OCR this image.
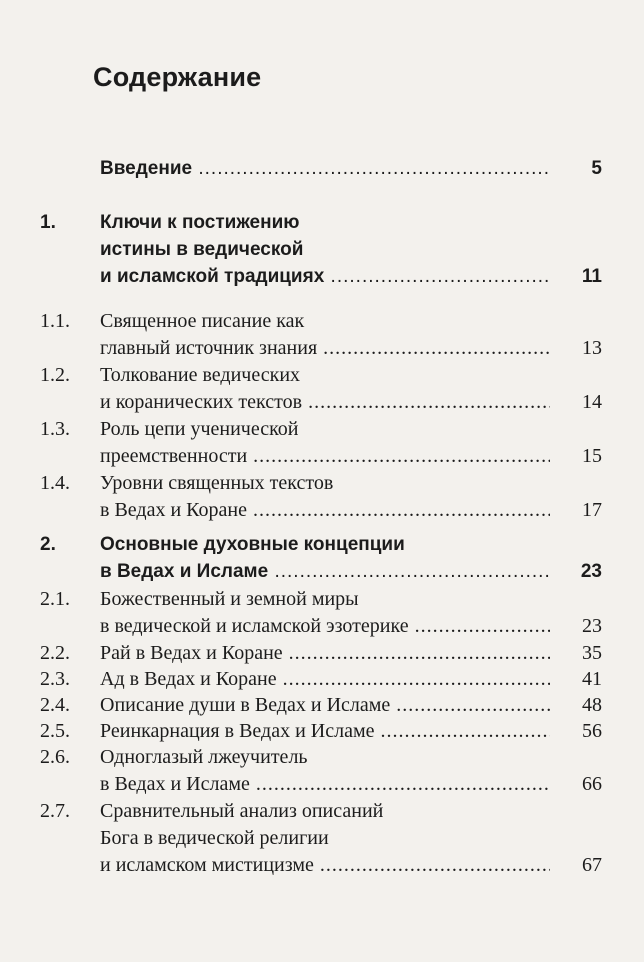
Содержание
Введение .....	5
1. Ключи к постижению
истины в ведической
и исламской традициях .....	11
1.1. Священное писание как
главный источник знания .....	13
1.2. Толкование ведических
и коранических текстов .....	14
1.3. Роль цепи ученической
преемственности .....	15
1.4. Уровни священных текстов
в Ведах и Коране .....	17
2. Основные духовные концепции
в Ведах и Исламе .....	23
2.1. Божественный и земной миры
в ведической и исламской эзотерике .....	23
2.2. Рай в Ведах и Коране .....	35
2.3. Ад в Ведах и Коране .....	41
2.4. Описание души в Ведах и Исламе .....	48
2.5. Реинкарнация в Ведах и Исламе .....	56
2.6. Одноглазый лжеучитель
в Ведах и Исламе .....	66
2.7. Сравнительный анализ описаний
Бога в ведической религии
и исламском мистицизме .....	67
